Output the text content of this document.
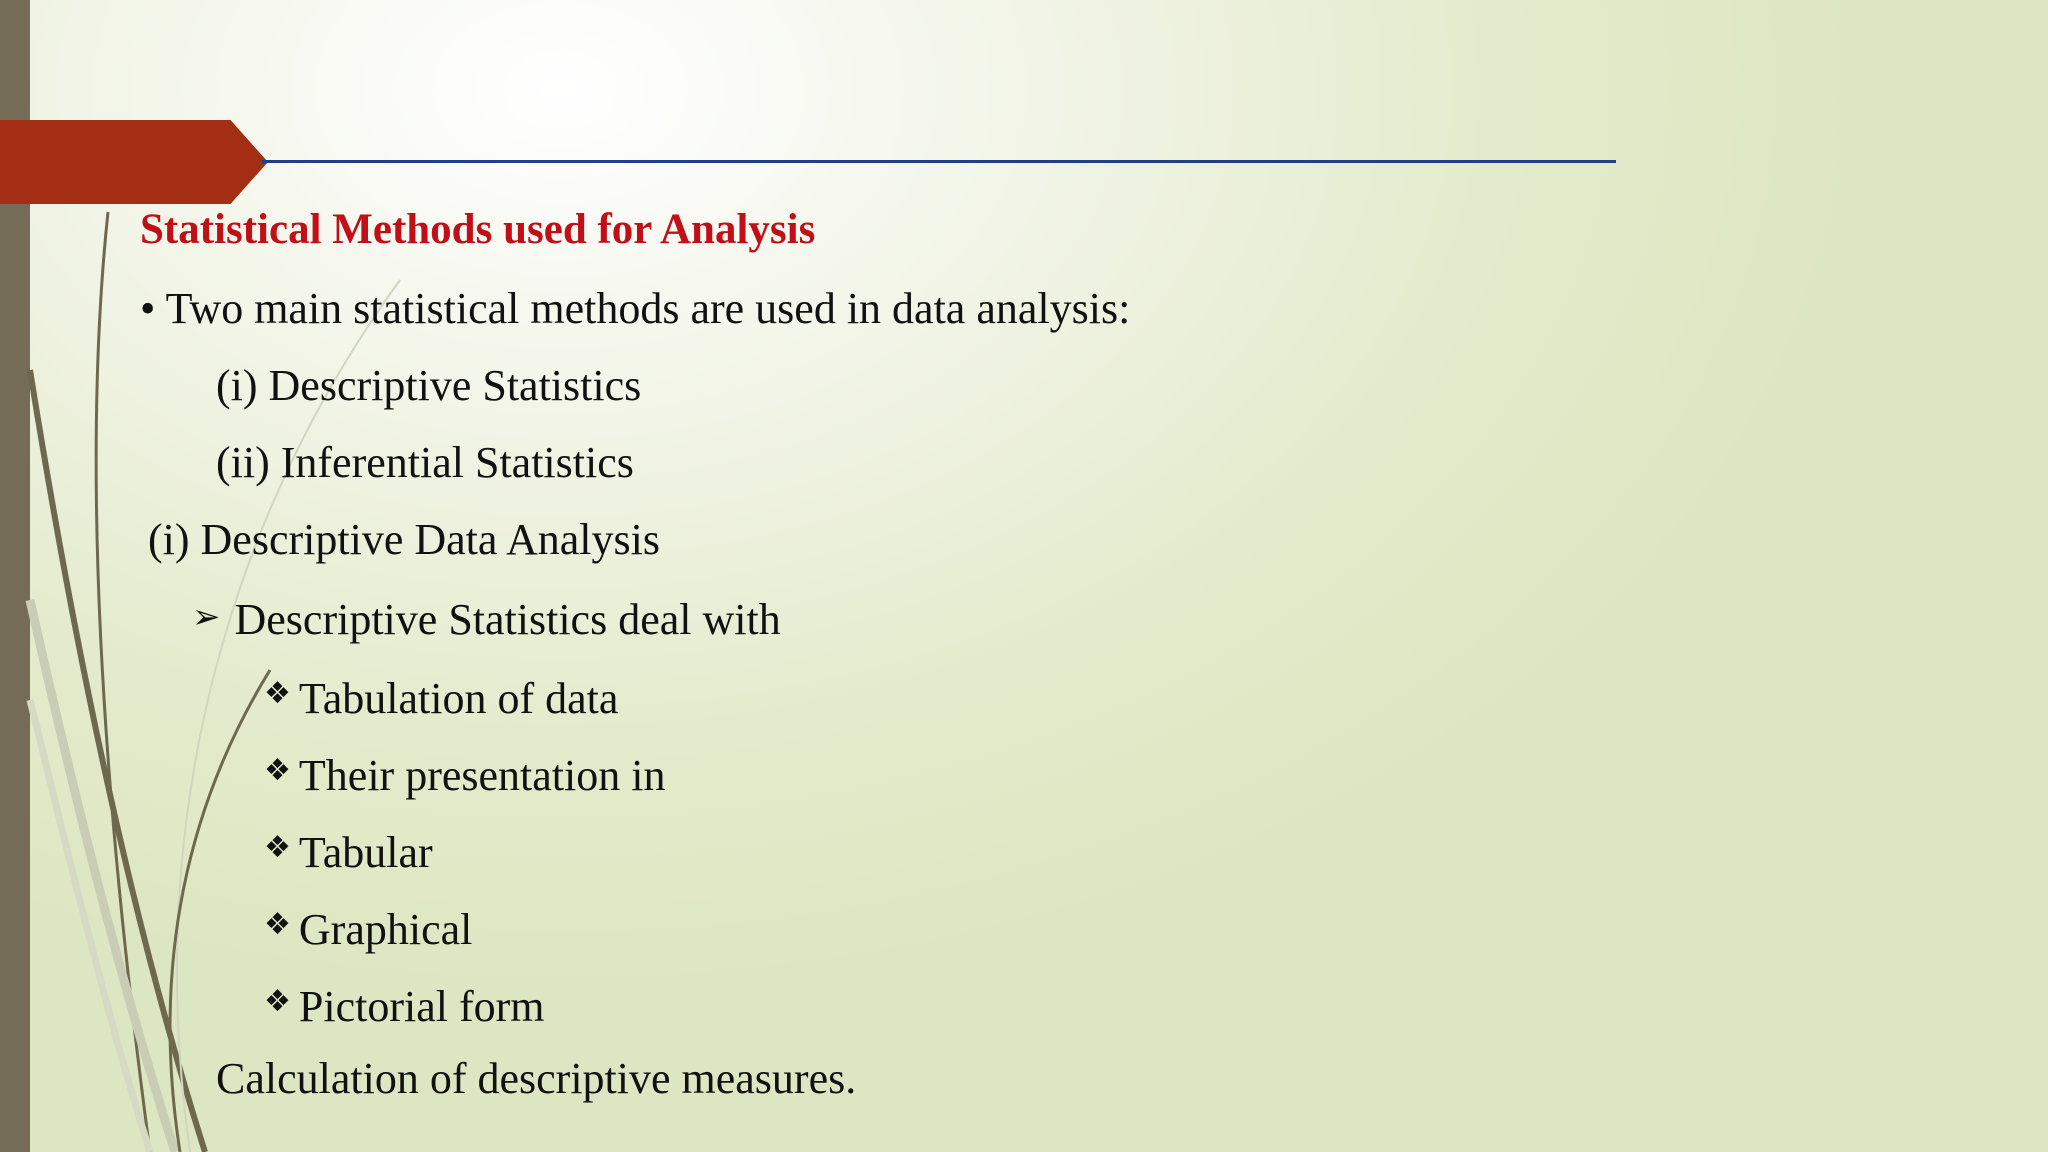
Statistical Methods used for Analysis
• Two main statistical methods are used in data analysis:
(i) Descriptive Statistics
(ii) Inferential Statistics
(i) Descriptive Data Analysis
➢ Descriptive Statistics deal with
❖ Tabulation of data
❖ Their presentation in
❖ Tabular
❖ Graphical
❖ Pictorial form
Calculation of descriptive measures.
